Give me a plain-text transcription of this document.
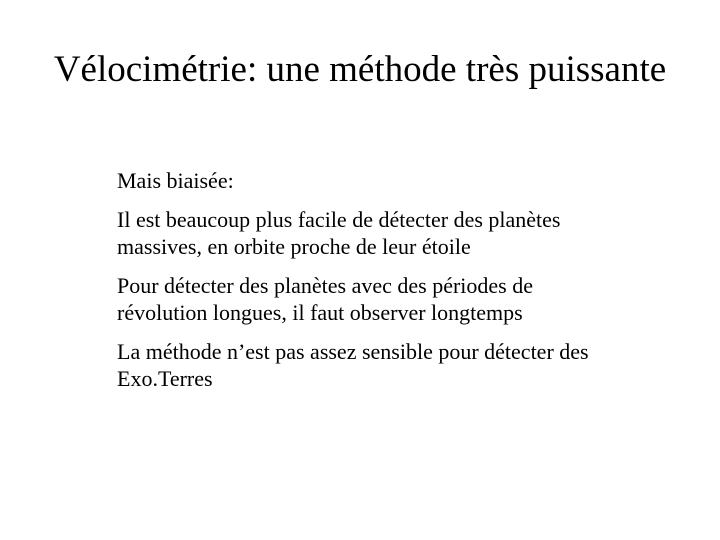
Vélocimétrie: une méthode très puissante
Mais biaisée:
Il est beaucoup plus facile de détecter des planètes
massives, en orbite proche de leur étoile
Pour détecter des planètes avec des périodes de
révolution longues, il faut observer longtemps
La méthode n’est pas assez sensible pour détecter des
Exo.Terres
